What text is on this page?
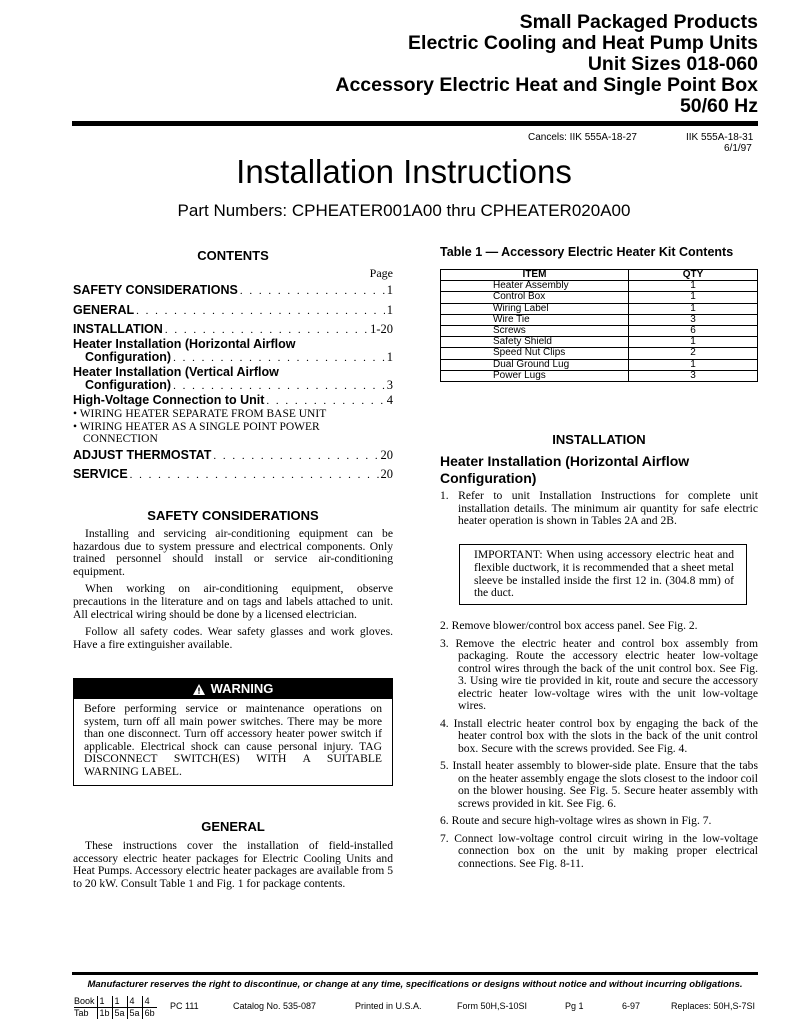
Small Packaged Products
Electric Cooling and Heat Pump Units
Unit Sizes 018-060
Accessory Electric Heat and Single Point Box
50/60 Hz
Cancels: IIK 555A-18-27	IIK 555A-18-31
6/1/97
Installation Instructions
Part Numbers: CPHEATER001A00 thru CPHEATER020A00
CONTENTS
Page
SAFETY CONSIDERATIONS . . .	1
GENERAL . . .	1
INSTALLATION . . .	1-20
Heater Installation (Horizontal Airflow
Configuration) . . .	1
Heater Installation (Vertical Airflow
Configuration) . . .	3
High-Voltage Connection to Unit . . .	4
• WIRING HEATER SEPARATE FROM BASE UNIT
• WIRING HEATER AS A SINGLE POINT POWER CONNECTION
ADJUST THERMOSTAT . . .	20
SERVICE . . .	20
SAFETY CONSIDERATIONS
Installing and servicing air-conditioning equipment can be hazardous due to system pressure and electrical components. Only trained personnel should install or service air-conditioning equipment.
When working on air-conditioning equipment, observe precautions in the literature and on tags and labels attached to unit. All electrical wiring should be done by a licensed electrician.
Follow all safety codes. Wear safety glasses and work gloves. Have a fire extinguisher available.
WARNING
Before performing service or maintenance operations on system, turn off all main power switches. There may be more than one disconnect. Turn off accessory heater power switch if applicable. Electrical shock can cause personal injury. TAG DISCONNECT SWITCH(ES) WITH A SUITABLE WARNING LABEL.
GENERAL
These instructions cover the installation of field-installed accessory electric heater packages for Electric Cooling Units and Heat Pumps. Accessory electric heater packages are available from 5 to 20 kW. Consult Table 1 and Fig. 1 for package contents.
Table 1 — Accessory Electric Heater Kit Contents
ITEM	QTY
Heater Assembly	1
Control Box	1
Wiring Label	1
Wire Tie	3
Screws	6
Safety Shield	1
Speed Nut Clips	2
Dual Ground Lug	1
Power Lugs	3
INSTALLATION
Heater Installation (Horizontal Airflow
Configuration)
1. Refer to unit Installation Instructions for complete unit installation details. The minimum air quantity for safe electric heater operation is shown in Tables 2A and 2B.
IMPORTANT: When using accessory electric heat and flexible ductwork, it is recommended that a sheet metal sleeve be installed inside the first 12 in. (304.8 mm) of the duct.
2. Remove blower/control box access panel. See Fig. 2.
3. Remove the electric heater and control box assembly from packaging. Route the accessory electric heater low-voltage control wires through the back of the unit control box. See Fig. 3. Using wire tie provided in kit, route and secure the accessory electric heater low-voltage wires with the unit low-voltage wires.
4. Install electric heater control box by engaging the back of the heater control box with the slots in the back of the unit control box. Secure with the screws provided. See Fig. 4.
5. Install heater assembly to blower-side plate. Ensure that the tabs on the heater assembly engage the slots closest to the indoor coil on the blower housing. See Fig. 5. Secure heater assembly with screws provided in kit. See Fig. 6.
6. Route and secure high-voltage wires as shown in Fig. 7.
7. Connect low-voltage control circuit wiring in the low-voltage connection box on the unit by making proper electrical connections. See Fig. 8-11.
Manufacturer reserves the right to discontinue, or change at any time, specifications or designs without notice and without incurring obligations.
Book	1	1	4	4
Tab	1b	5a	5a	6b
PC 111	Catalog No. 535-087	Printed in U.S.A.	Form 50H,S-10SI	Pg 1	6-97	Replaces: 50H,S-7SI
